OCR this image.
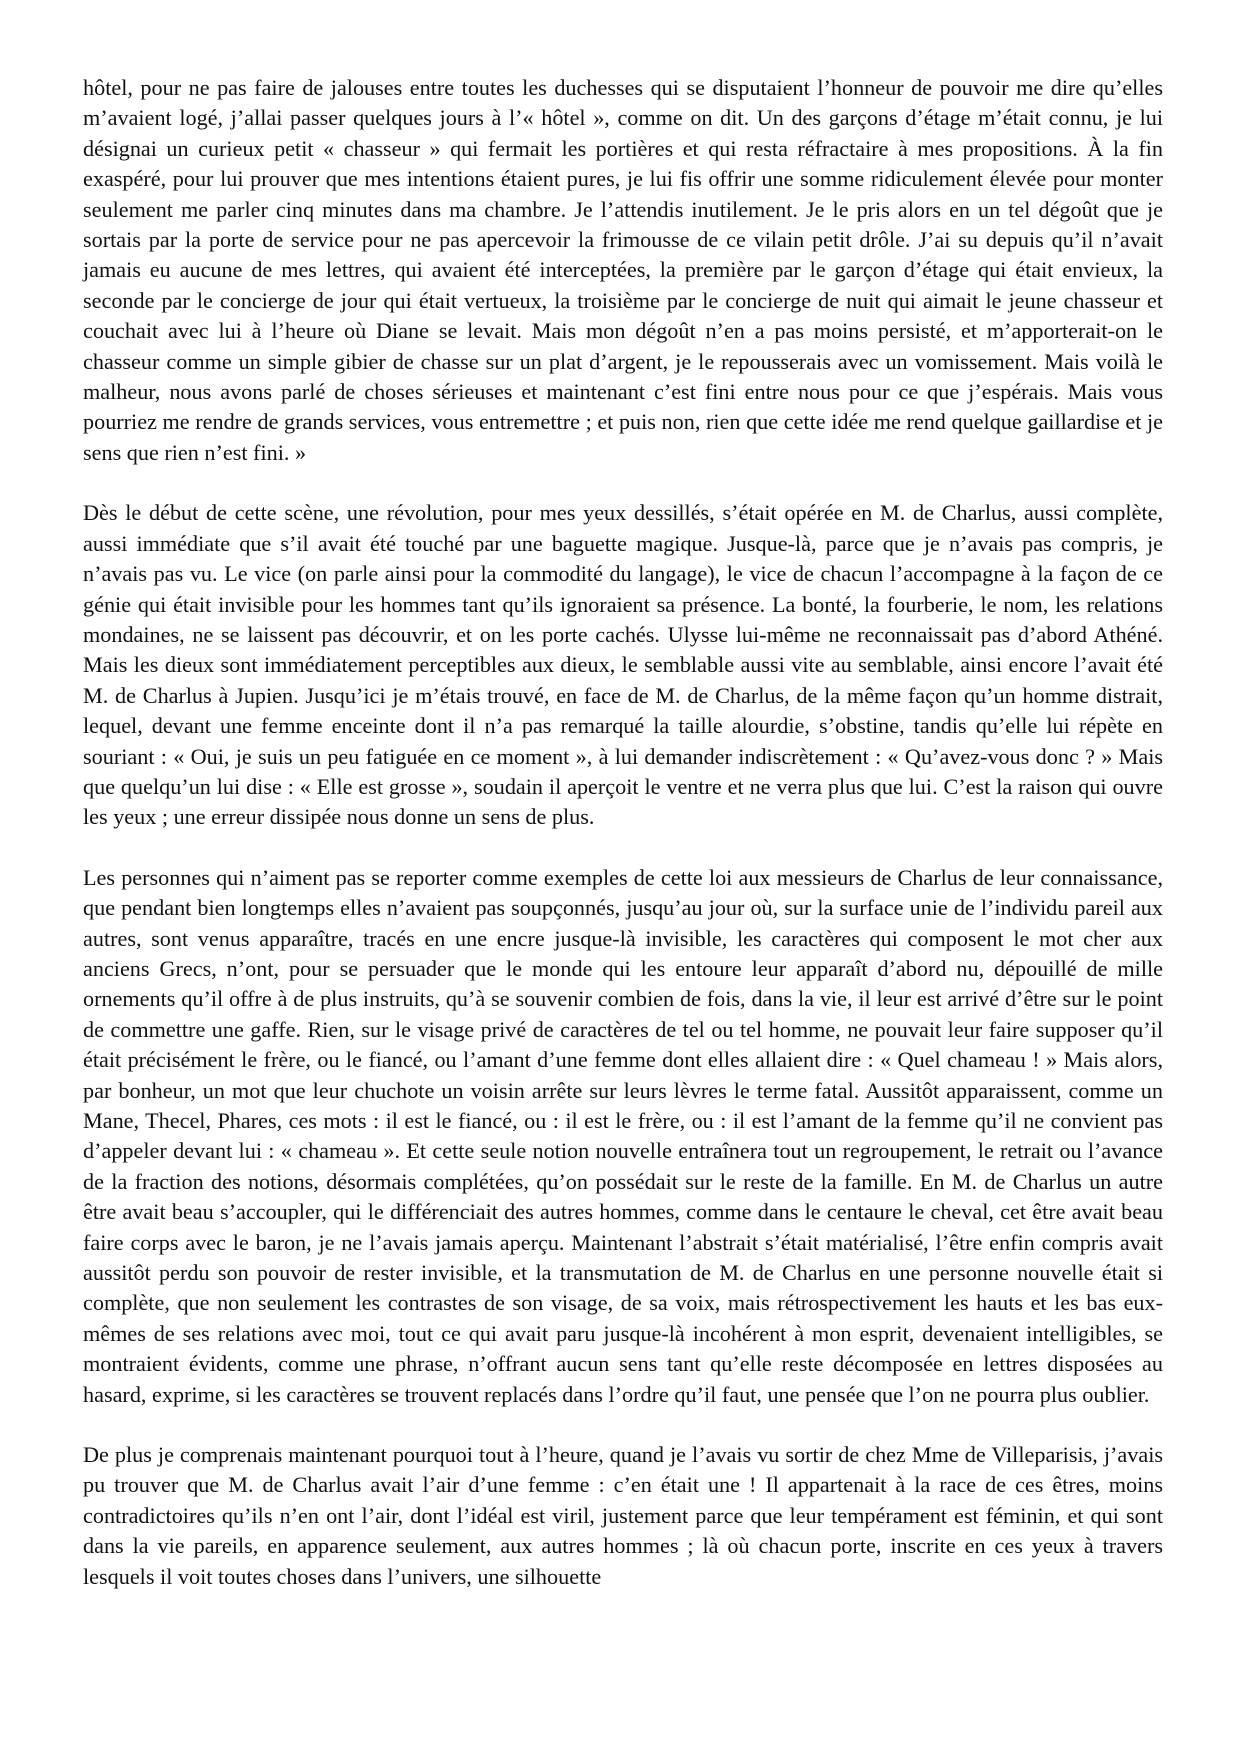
hôtel, pour ne pas faire de jalouses entre toutes les duchesses qui se disputaient l’honneur de pouvoir me dire qu’elles m’avaient logé, j’allai passer quelques jours à l’« hôtel », comme on dit. Un des garçons d’étage m’était connu, je lui désignai un curieux petit « chasseur » qui fermait les portières et qui resta réfractaire à mes propositions. À la fin exaspéré, pour lui prouver que mes intentions étaient pures, je lui fis offrir une somme ridiculement élevée pour monter seulement me parler cinq minutes dans ma chambre. Je l’attendis inutilement. Je le pris alors en un tel dégoût que je sortais par la porte de service pour ne pas apercevoir la frimousse de ce vilain petit drôle. J’ai su depuis qu’il n’avait jamais eu aucune de mes lettres, qui avaient été interceptées, la première par le garçon d’étage qui était envieux, la seconde par le concierge de jour qui était vertueux, la troisième par le concierge de nuit qui aimait le jeune chasseur et couchait avec lui à l’heure où Diane se levait. Mais mon dégoût n’en a pas moins persisté, et m’apporterait-on le chasseur comme un simple gibier de chasse sur un plat d’argent, je le repousserais avec un vomissement. Mais voilà le malheur, nous avons parlé de choses sérieuses et maintenant c’est fini entre nous pour ce que j’espérais. Mais vous pourriez me rendre de grands services, vous entremettre ; et puis non, rien que cette idée me rend quelque gaillardise et je sens que rien n’est fini. »

Dès le début de cette scène, une révolution, pour mes yeux dessillés, s’était opérée en M. de Charlus, aussi complète, aussi immédiate que s’il avait été touché par une baguette magique. Jusque-là, parce que je n’avais pas compris, je n’avais pas vu. Le vice (on parle ainsi pour la commodité du langage), le vice de chacun l’accompagne à la façon de ce génie qui était invisible pour les hommes tant qu’ils ignoraient sa présence. La bonté, la fourberie, le nom, les relations mondaines, ne se laissent pas découvrir, et on les porte cachés. Ulysse lui-même ne reconnaissait pas d’abord Athéné. Mais les dieux sont immédiatement perceptibles aux dieux, le semblable aussi vite au semblable, ainsi encore l’avait été M. de Charlus à Jupien. Jusqu’ici je m’étais trouvé, en face de M. de Charlus, de la même façon qu’un homme distrait, lequel, devant une femme enceinte dont il n’a pas remarqué la taille alourdie, s’obstine, tandis qu’elle lui répète en souriant : « Oui, je suis un peu fatiguée en ce moment », à lui demander indiscrètement : « Qu’avez-vous donc ? » Mais que quelqu’un lui dise : « Elle est grosse », soudain il aperçoit le ventre et ne verra plus que lui. C’est la raison qui ouvre les yeux ; une erreur dissipée nous donne un sens de plus.

Les personnes qui n’aiment pas se reporter comme exemples de cette loi aux messieurs de Charlus de leur connaissance, que pendant bien longtemps elles n’avaient pas soupçonnés, jusqu’au jour où, sur la surface unie de l’individu pareil aux autres, sont venus apparaître, tracés en une encre jusque-là invisible, les caractères qui composent le mot cher aux anciens Grecs, n’ont, pour se persuader que le monde qui les entoure leur apparaît d’abord nu, dépouillé de mille ornements qu’il offre à de plus instruits, qu’à se souvenir combien de fois, dans la vie, il leur est arrivé d’être sur le point de commettre une gaffe. Rien, sur le visage privé de caractères de tel ou tel homme, ne pouvait leur faire supposer qu’il était précisément le frère, ou le fiancé, ou l’amant d’une femme dont elles allaient dire : « Quel chameau ! » Mais alors, par bonheur, un mot que leur chuchote un voisin arrête sur leurs lèvres le terme fatal. Aussitôt apparaissent, comme un Mane, Thecel, Phares, ces mots : il est le fiancé, ou : il est le frère, ou : il est l’amant de la femme qu’il ne convient pas d’appeler devant lui : « chameau ». Et cette seule notion nouvelle entraînera tout un regroupement, le retrait ou l’avance de la fraction des notions, désormais complétées, qu’on possédait sur le reste de la famille. En M. de Charlus un autre être avait beau s’accoupler, qui le différenciait des autres hommes, comme dans le centaure le cheval, cet être avait beau faire corps avec le baron, je ne l’avais jamais aperçu. Maintenant l’abstrait s’était matérialisé, l’être enfin compris avait aussitôt perdu son pouvoir de rester invisible, et la transmutation de M. de Charlus en une personne nouvelle était si complète, que non seulement les contrastes de son visage, de sa voix, mais rétrospectivement les hauts et les bas eux-mêmes de ses relations avec moi, tout ce qui avait paru jusque-là incohérent à mon esprit, devenaient intelligibles, se montraient évidents, comme une phrase, n’offrant aucun sens tant qu’elle reste décomposée en lettres disposées au hasard, exprime, si les caractères se trouvent replacés dans l’ordre qu’il faut, une pensée que l’on ne pourra plus oublier.

De plus je comprenais maintenant pourquoi tout à l’heure, quand je l’avais vu sortir de chez Mme de Villeparisis, j’avais pu trouver que M. de Charlus avait l’air d’une femme : c’en était une ! Il appartenait à la race de ces êtres, moins contradictoires qu’ils n’en ont l’air, dont l’idéal est viril, justement parce que leur tempérament est féminin, et qui sont dans la vie pareils, en apparence seulement, aux autres hommes ; là où chacun porte, inscrite en ces yeux à travers lesquels il voit toutes choses dans l’univers, une silhouette
